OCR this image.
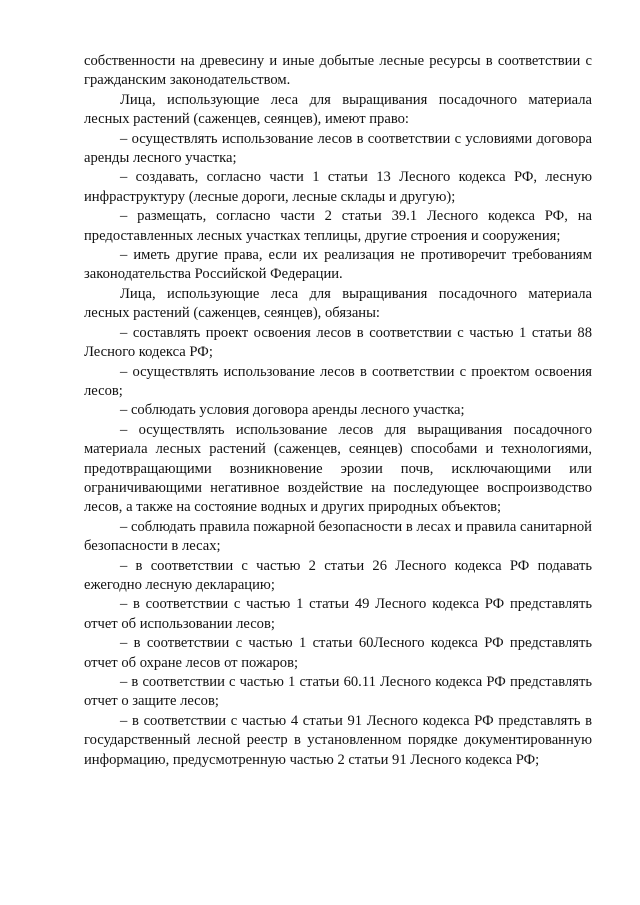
собственности на древесину и иные добытые лесные ресурсы в соответствии с гражданским законодательством.

Лица, использующие леса для выращивания посадочного материала лесных растений (саженцев, сеянцев), имеют право:

– осуществлять использование лесов в соответствии с условиями договора аренды лесного участка;

– создавать, согласно части 1 статьи 13 Лесного кодекса РФ, лесную инфраструктуру (лесные дороги, лесные склады и другую);

– размещать, согласно части 2 статьи 39.1 Лесного кодекса РФ, на предоставленных лесных участках теплицы, другие строения и сооружения;

– иметь другие права, если их реализация не противоречит требованиям законодательства Российской Федерации.

Лица, использующие леса для выращивания посадочного материала лесных растений (саженцев, сеянцев), обязаны:

– составлять проект освоения лесов в соответствии с частью 1 статьи 88 Лесного кодекса РФ;

– осуществлять использование лесов в соответствии с проектом освоения лесов;

– соблюдать условия договора аренды лесного участка;

– осуществлять использование лесов для выращивания посадочного материала лесных растений (саженцев, сеянцев) способами и технологиями, предотвращающими возникновение эрозии почв, исключающими или ограничивающими негативное воздействие на последующее воспроизводство лесов, а также на состояние водных и других природных объектов;

– соблюдать правила пожарной безопасности в лесах и правила санитарной безопасности в лесах;

– в соответствии с частью 2 статьи 26 Лесного кодекса РФ подавать ежегодно лесную декларацию;

– в соответствии с частью 1 статьи 49 Лесного кодекса РФ представлять отчет об использовании лесов;

– в соответствии с частью 1 статьи 60Лесного кодекса РФ представлять отчет об охране лесов от пожаров;

– в соответствии с частью 1 статьи 60.11 Лесного кодекса РФ представлять отчет о защите лесов;

– в соответствии с частью 4 статьи 91 Лесного кодекса РФ представлять в государственный лесной реестр в установленном порядке документированную информацию, предусмотренную частью 2 статьи 91 Лесного кодекса РФ;
